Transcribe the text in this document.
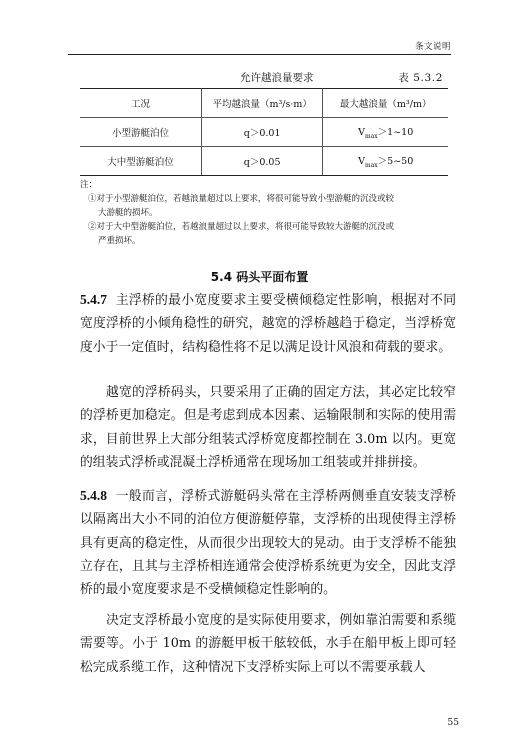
条文说明
允许越浪量要求	表 5.3.2
工况	平均越浪量（m³/s·m）	最大越浪量（m³/m）
小型游艇泊位	q＞0.01	$V_{max}>1\sim 10$
大中型游艇泊位	q＞0.05	$V_{max}>5\sim 50$
注：
①对于小型游艇泊位，若越浪量超过以上要求，将很可能导致小型游艇的沉没或较
大游艇的损坏。
②对于大中型游艇泊位，若越浪量超过以上要求，将很可能导致较大游艇的沉没或
严重损坏。
5.4 码头平面布置
5.4.7 主浮桥的最小宽度要求主要受横倾稳定性影响，根据对不同宽度浮桥的小倾角稳性的研究，越宽的浮桥越趋于稳定，当浮桥宽度小于一定值时，结构稳性将不足以满足设计风浪和荷载的要求。
越宽的浮桥码头，只要采用了正确的固定方法，其必定比较窄的浮桥更加稳定。但是考虑到成本因素、运输限制和实际的使用需求，目前世界上大部分组装式浮桥宽度都控制在 3.0m 以内。更宽的组装式浮桥或混凝土浮桥通常在现场加工组装或并排拼接。
5.4.8 一般而言，浮桥式游艇码头常在主浮桥两侧垂直安装支浮桥以隔离出大小不同的泊位方便游艇停靠，支浮桥的出现使得主浮桥具有更高的稳定性，从而很少出现较大的晃动。由于支浮桥不能独立存在，且其与主浮桥相连通常会使浮桥系统更为安全，因此支浮桥的最小宽度要求是不受横倾稳定性影响的。
决定支浮桥最小宽度的是实际使用要求，例如靠泊需要和系缆需要等。小于 10m 的游艇甲板干舷较低，水手在船甲板上即可轻松完成系缆工作，这种情况下支浮桥实际上可以不需要承载人
55
